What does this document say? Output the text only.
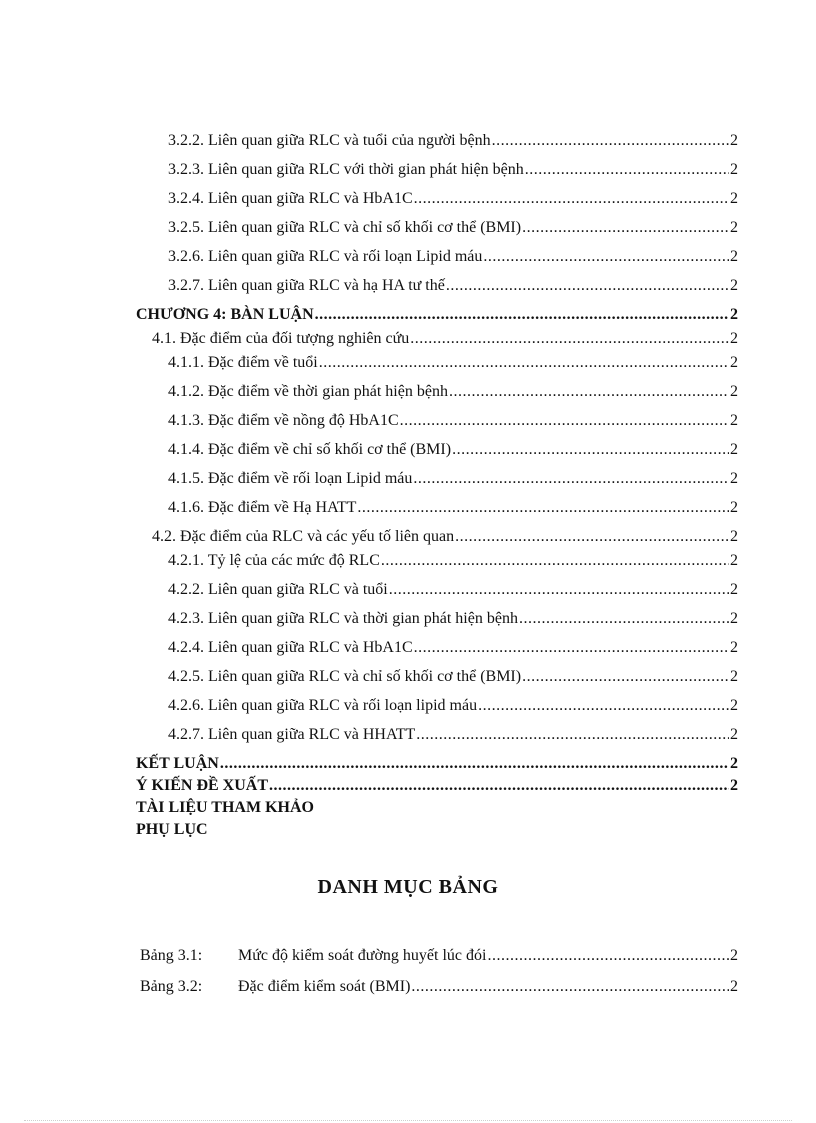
3.2.2. Liên quan giữa RLC và tuổi của người bệnh .....	2
3.2.3. Liên quan giữa RLC với thời gian phát hiện bệnh .....	2
3.2.4. Liên quan giữa RLC và HbA1C .....	2
3.2.5. Liên quan giữa RLC và chỉ số khối cơ thể (BMI) .....	2
3.2.6. Liên quan giữa RLC và rối loạn Lipid máu .....	2
3.2.7. Liên quan giữa RLC và hạ HA tư thế .....	2
CHƯƠNG 4: BÀN LUẬN .....	2
4.1. Đặc điểm của đối tượng nghiên cứu .....	2
4.1.1. Đặc điểm về tuổi .....	2
4.1.2. Đặc điểm về thời gian phát hiện bệnh .....	2
4.1.3. Đặc điểm về nồng độ HbA1C .....	2
4.1.4. Đặc điểm về chỉ số khối cơ thể (BMI) .....	2
4.1.5. Đặc điểm về rối loạn Lipid máu .....	2
4.1.6. Đặc điểm về Hạ HATT .....	2
4.2. Đặc điểm của RLC và các yếu tố liên quan .....	2
4.2.1. Tỷ lệ của các mức độ RLC .....	2
4.2.2. Liên quan giữa RLC và tuổi .....	2
4.2.3. Liên quan giữa RLC và thời gian phát hiện bệnh .....	2
4.2.4. Liên quan giữa RLC và HbA1C .....	2
4.2.5. Liên quan giữa RLC và chỉ số khối cơ thể (BMI) .....	2
4.2.6. Liên quan giữa RLC và rối loạn lipid máu .....	2
4.2.7. Liên quan giữa RLC và HHATT .....	2
KẾT LUẬN .....	2
Ý KIẾN ĐỀ XUẤT .....	2
TÀI LIỆU THAM KHẢO
PHỤ LỤC
DANH MỤC BẢNG
Bảng 3.1:	Mức độ kiểm soát đường huyết lúc đói .....	2
Bảng 3.2:	Đặc điểm kiểm soát (BMI) .....	2
